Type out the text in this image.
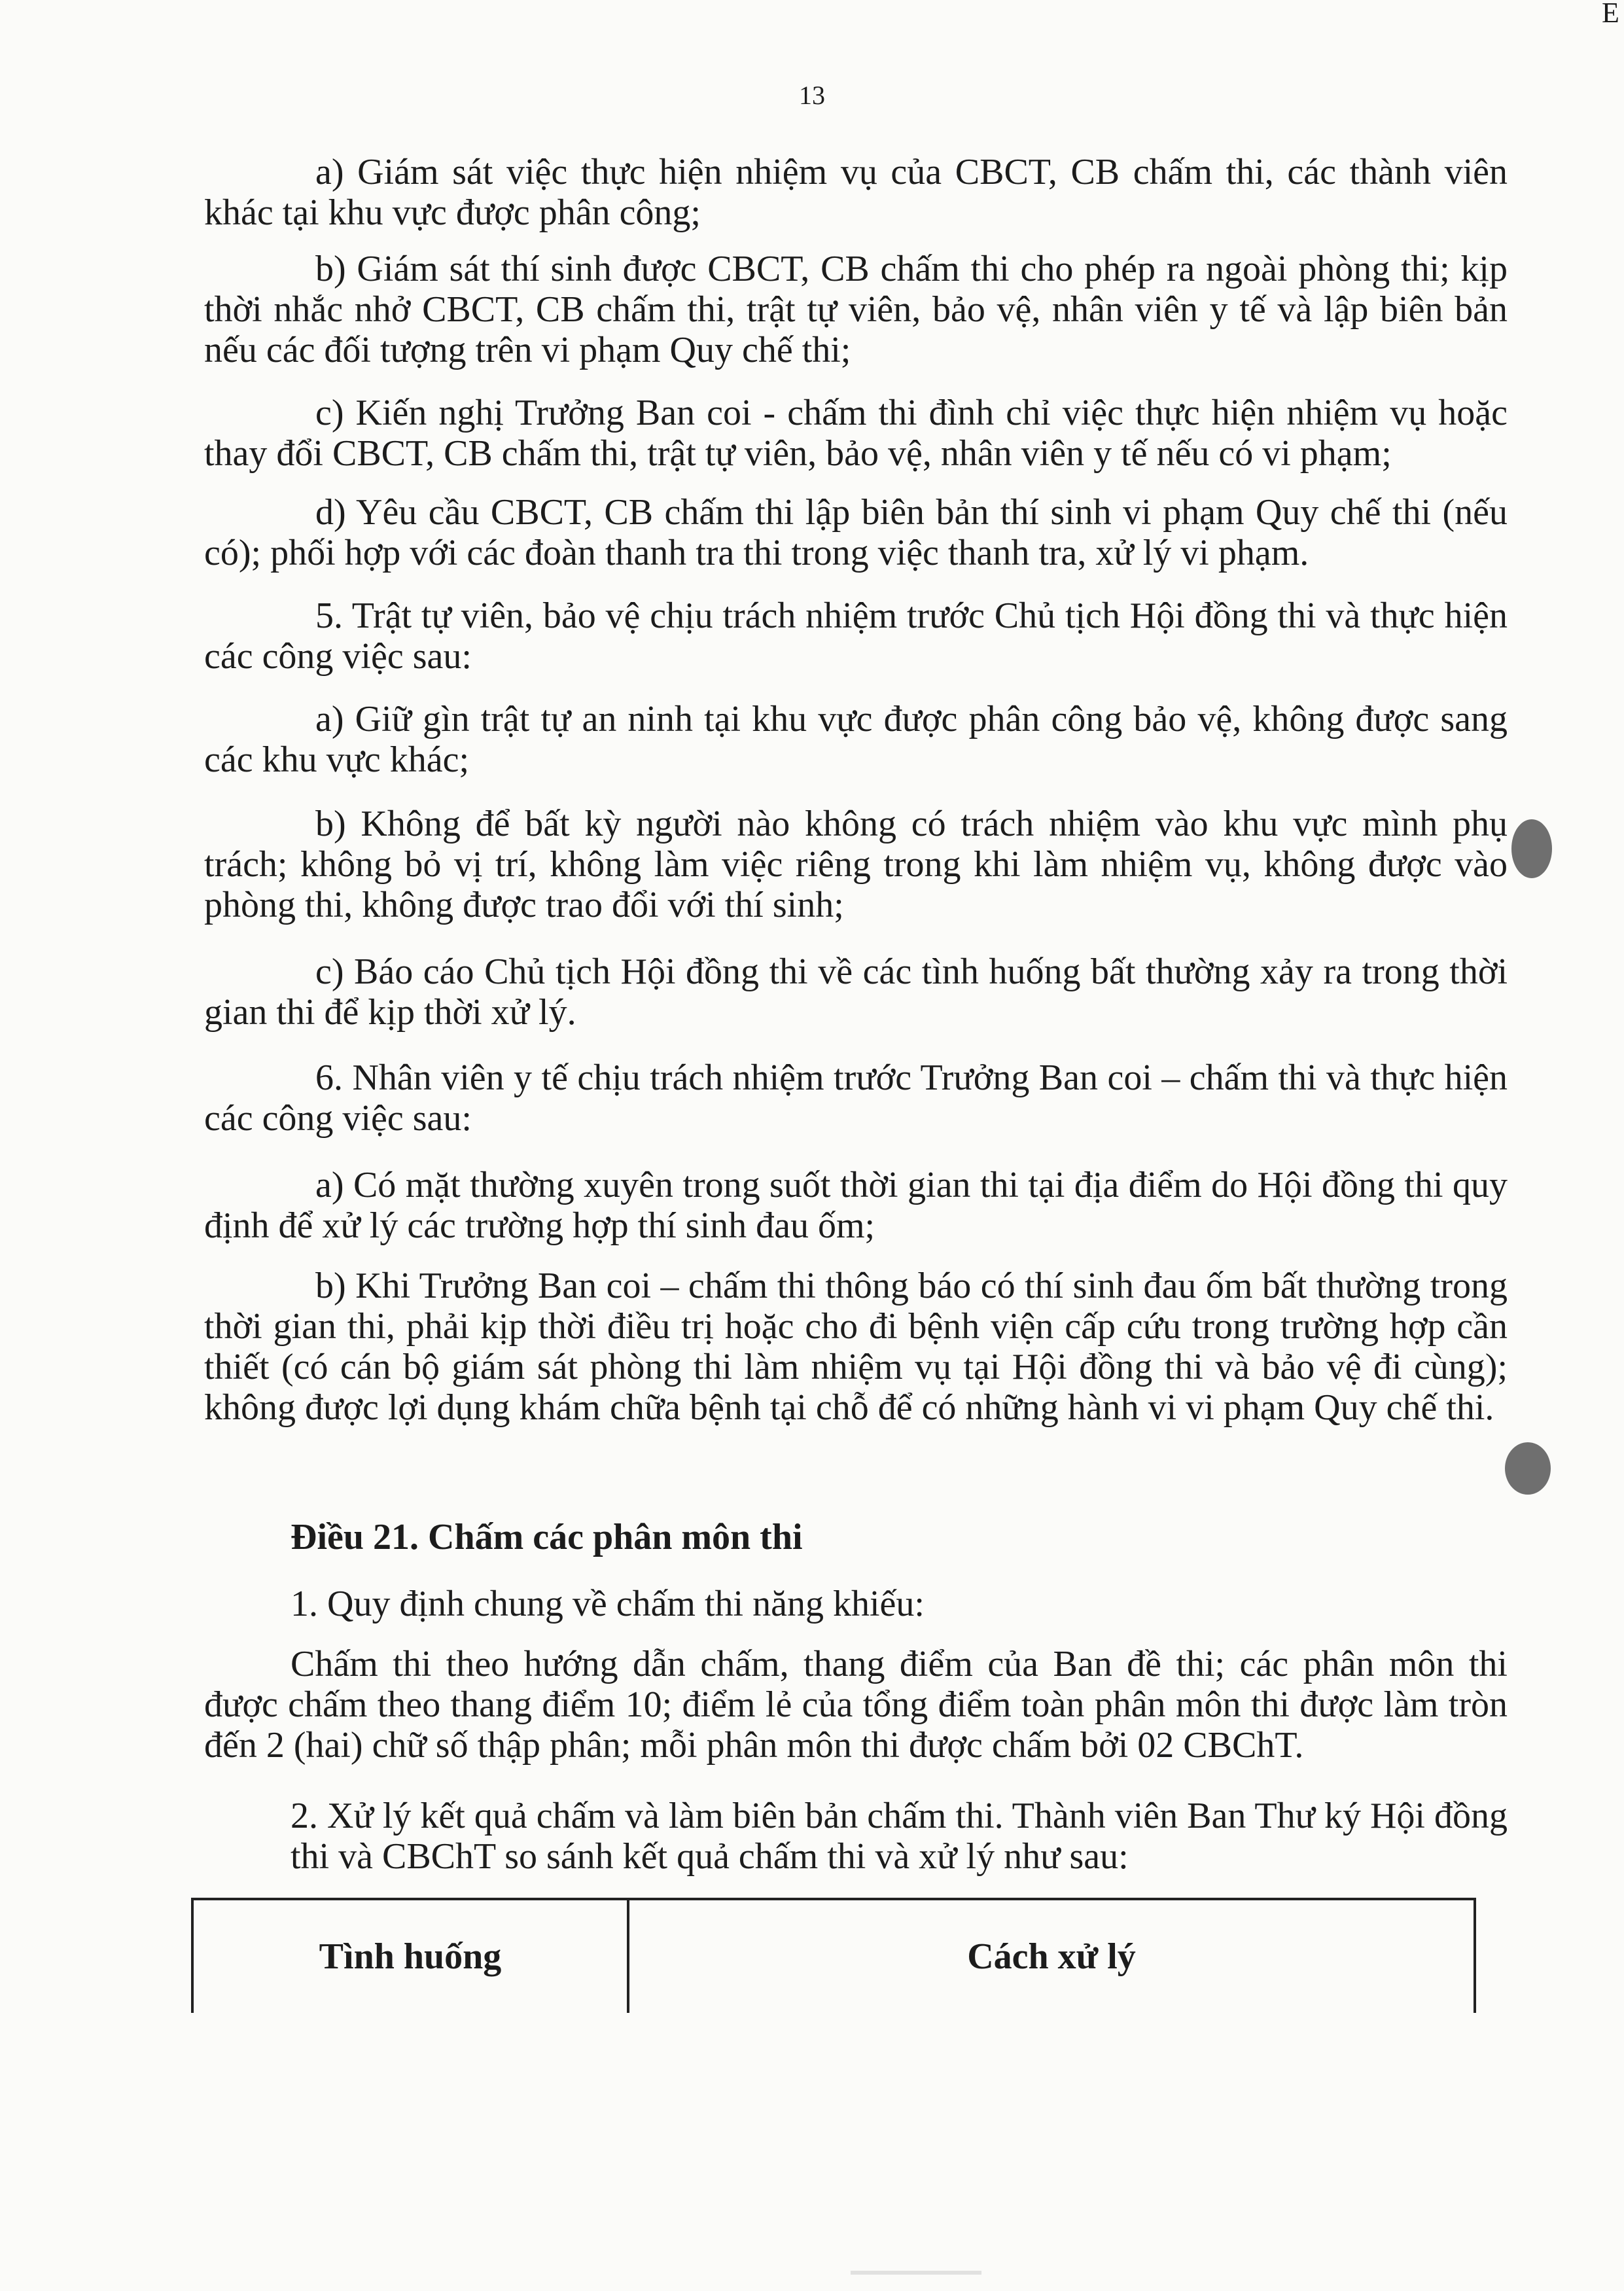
13
E

a) Giám sát việc thực hiện nhiệm vụ của CBCT, CB chấm thi, các thành viên khác tại khu vực được phân công;

b) Giám sát thí sinh được CBCT, CB chấm thi cho phép ra ngoài phòng thi; kịp thời nhắc nhở CBCT, CB chấm thi, trật tự viên, bảo vệ, nhân viên y tế và lập biên bản nếu các đối tượng trên vi phạm Quy chế thi;

c) Kiến nghị Trưởng Ban coi - chấm thi đình chỉ việc thực hiện nhiệm vụ hoặc thay đổi CBCT, CB chấm thi, trật tự viên, bảo vệ, nhân viên y tế nếu có vi phạm;

d) Yêu cầu CBCT, CB chấm thi lập biên bản thí sinh vi phạm Quy chế thi (nếu có); phối hợp với các đoàn thanh tra thi trong việc thanh tra, xử lý vi phạm.

5. Trật tự viên, bảo vệ chịu trách nhiệm trước Chủ tịch Hội đồng thi và thực hiện các công việc sau:

a) Giữ gìn trật tự an ninh tại khu vực được phân công bảo vệ, không được sang các khu vực khác;

b) Không để bất kỳ người nào không có trách nhiệm vào khu vực mình phụ trách; không bỏ vị trí, không làm việc riêng trong khi làm nhiệm vụ, không được vào phòng thi, không được trao đổi với thí sinh;

c) Báo cáo Chủ tịch Hội đồng thi về các tình huống bất thường xảy ra trong thời gian thi để kịp thời xử lý.

6. Nhân viên y tế chịu trách nhiệm trước Trưởng Ban coi – chấm thi và thực hiện các công việc sau:

a) Có mặt thường xuyên trong suốt thời gian thi tại địa điểm do Hội đồng thi quy định để xử lý các trường hợp thí sinh đau ốm;

b) Khi Trưởng Ban coi – chấm thi thông báo có thí sinh đau ốm bất thường trong thời gian thi, phải kịp thời điều trị hoặc cho đi bệnh viện cấp cứu trong trường hợp cần thiết (có cán bộ giám sát phòng thi làm nhiệm vụ tại Hội đồng thi và bảo vệ đi cùng); không được lợi dụng khám chữa bệnh tại chỗ để có những hành vi vi phạm Quy chế thi.

Điều 21. Chấm các phân môn thi

1. Quy định chung về chấm thi năng khiếu:

Chấm thi theo hướng dẫn chấm, thang điểm của Ban đề thi; các phân môn thi được chấm theo thang điểm 10; điểm lẻ của tổng điểm toàn phân môn thi được làm tròn đến 2 (hai) chữ số thập phân; mỗi phân môn thi được chấm bởi 02 CBChT.

2. Xử lý kết quả chấm và làm biên bản chấm thi. Thành viên Ban Thư ký Hội đồng thi và CBChT so sánh kết quả chấm thi và xử lý như sau:

Tình huống	Cách xử lý
